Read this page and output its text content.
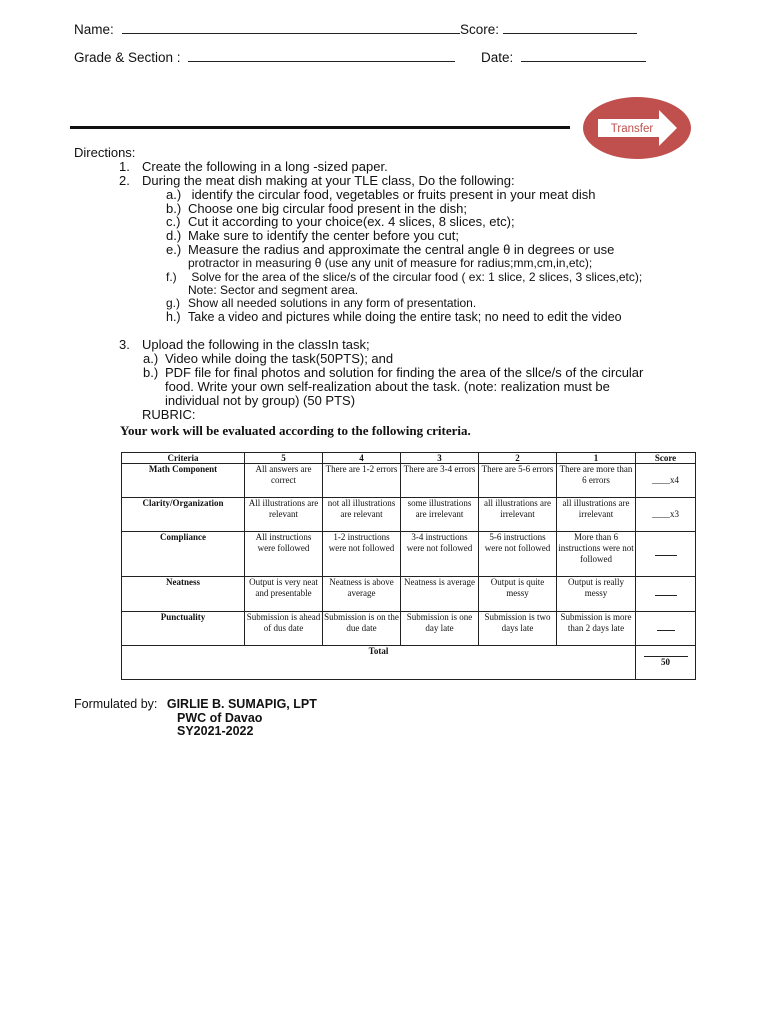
Name:	Score:
Grade & Section :	Date:
Transfer
Directions:
1. Create the following in a long -sized paper.
2. During the meat dish making at your TLE class, Do the following:
a.) identify the circular food, vegetables or fruits present in your meat dish
b.) Choose one big circular food present in the dish;
c.) Cut it according to your choice(ex. 4 slices, 8 slices, etc);
d.) Make sure to identify the center before you cut;
e.) Measure the radius and approximate the central angle θ in degrees or use
protractor in measuring θ (use any unit of measure for radius;mm,cm,in,etc);
f.) Solve for the area of the slice/s of the circular food ( ex: 1 slice, 2 slices, 3 slices,etc);
Note: Sector and segment area.
g.) Show all needed solutions in any form of presentation.
h.) Take a video and pictures while doing the entire task; no need to edit the video
3. Upload the following in the classIn task;
a.) Video while doing the task(50PTS); and
b.) PDF file for final photos and solution for finding the area of the sllce/s of the circular
food. Write your own self-realization about the task. (note: realization must be
individual not by group) (50 PTS)
RUBRIC:
Your work will be evaluated according to the following criteria.
Criteria	5	4	3	2	1	Score
Math Component	All answers are correct	There are 1-2 errors	There are 3-4 errors	There are 5-6 errors	There are more than 6 errors	____x4
Clarity/Organization	All illustrations are relevant	not all illustrations are relevant	some illustrations are irrelevant	all illustrations are irrelevant	all illustrations are irrelevant	____x3
Compliance	All instructions were followed	1-2 instructions were not followed	3-4 instructions were not followed	5-6 instructions were not followed	More than 6 instructions were not followed	
Neatness	Output is very neat and presentable	Neatness is above average	Neatness is average	Output is quite messy	Output is really messy	
Punctuality	Submission is ahead of dus date	Submission is on the due date	Submission is one day late	Submission is two days late	Submission is more than 2 days late	
Total						50
Formulated by: GIRLIE B. SUMAPIG, LPT
PWC of Davao
SY2021-2022
